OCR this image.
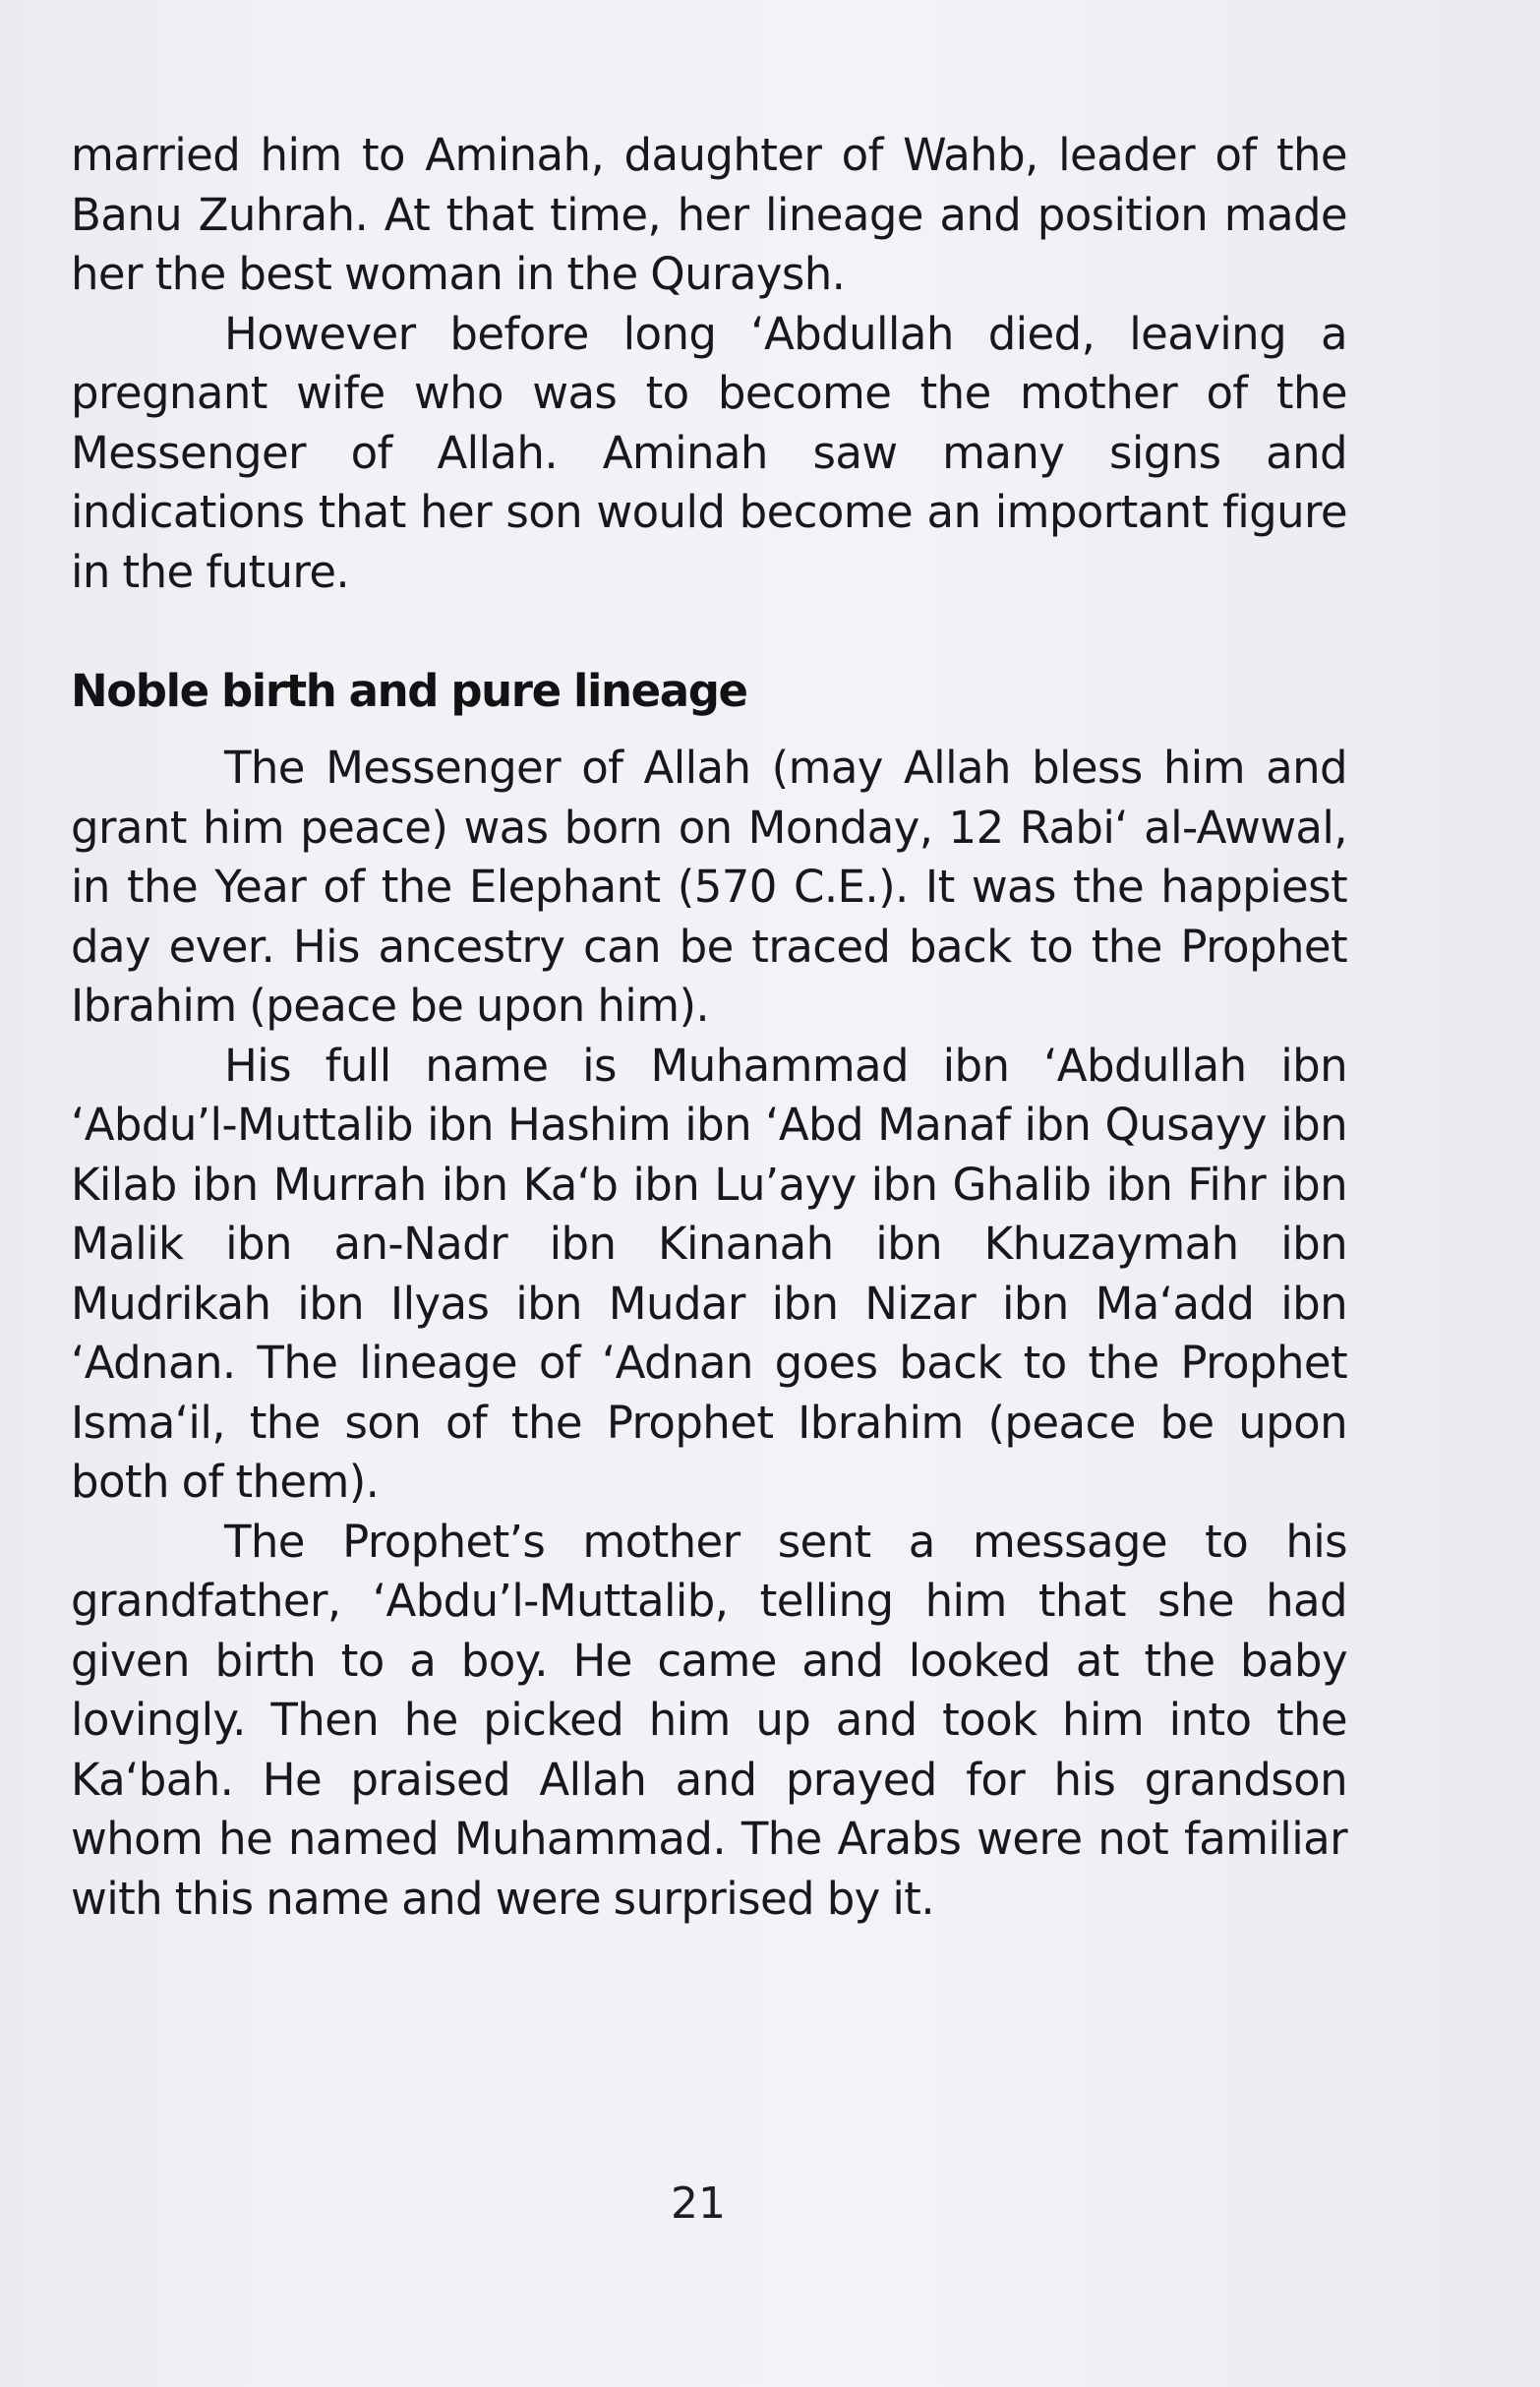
married him to Aminah, daughter of Wahb, leader of the Banu Zuhrah. At that time, her lineage and position made her the best woman in the Quraysh.

However before long ‘Abdullah died, leaving a pregnant wife who was to become the mother of the Messenger of Allah. Aminah saw many signs and indications that her son would become an important figure in the future.

Noble birth and pure lineage

The Messenger of Allah (may Allah bless him and grant him peace) was born on Monday, 12 Rabi‘ al-Awwal, in the Year of the Elephant (570 C.E.). It was the happiest day ever. His ancestry can be traced back to the Prophet Ibrahim (peace be upon him).

His full name is Muhammad ibn ‘Abdullah ibn ‘Abdu’l-Muttalib ibn Hashim ibn ‘Abd Manaf ibn Qusayy ibn Kilab ibn Murrah ibn Ka‘b ibn Lu’ayy ibn Ghalib ibn Fihr ibn Malik ibn an-Nadr ibn Kinanah ibn Khuzaymah ibn Mudrikah ibn Ilyas ibn Mudar ibn Nizar ibn Ma‘add ibn ‘Adnan. The lineage of ‘Adnan goes back to the Prophet Isma‘il, the son of the Prophet Ibrahim (peace be upon both of them).

The Prophet’s mother sent a message to his grandfather, ‘Abdu’l-Muttalib, telling him that she had given birth to a boy. He came and looked at the baby lovingly. Then he picked him up and took him into the Ka‘bah. He praised Allah and prayed for his grandson whom he named Muhammad. The Arabs were not familiar with this name and were surprised by it.

21
